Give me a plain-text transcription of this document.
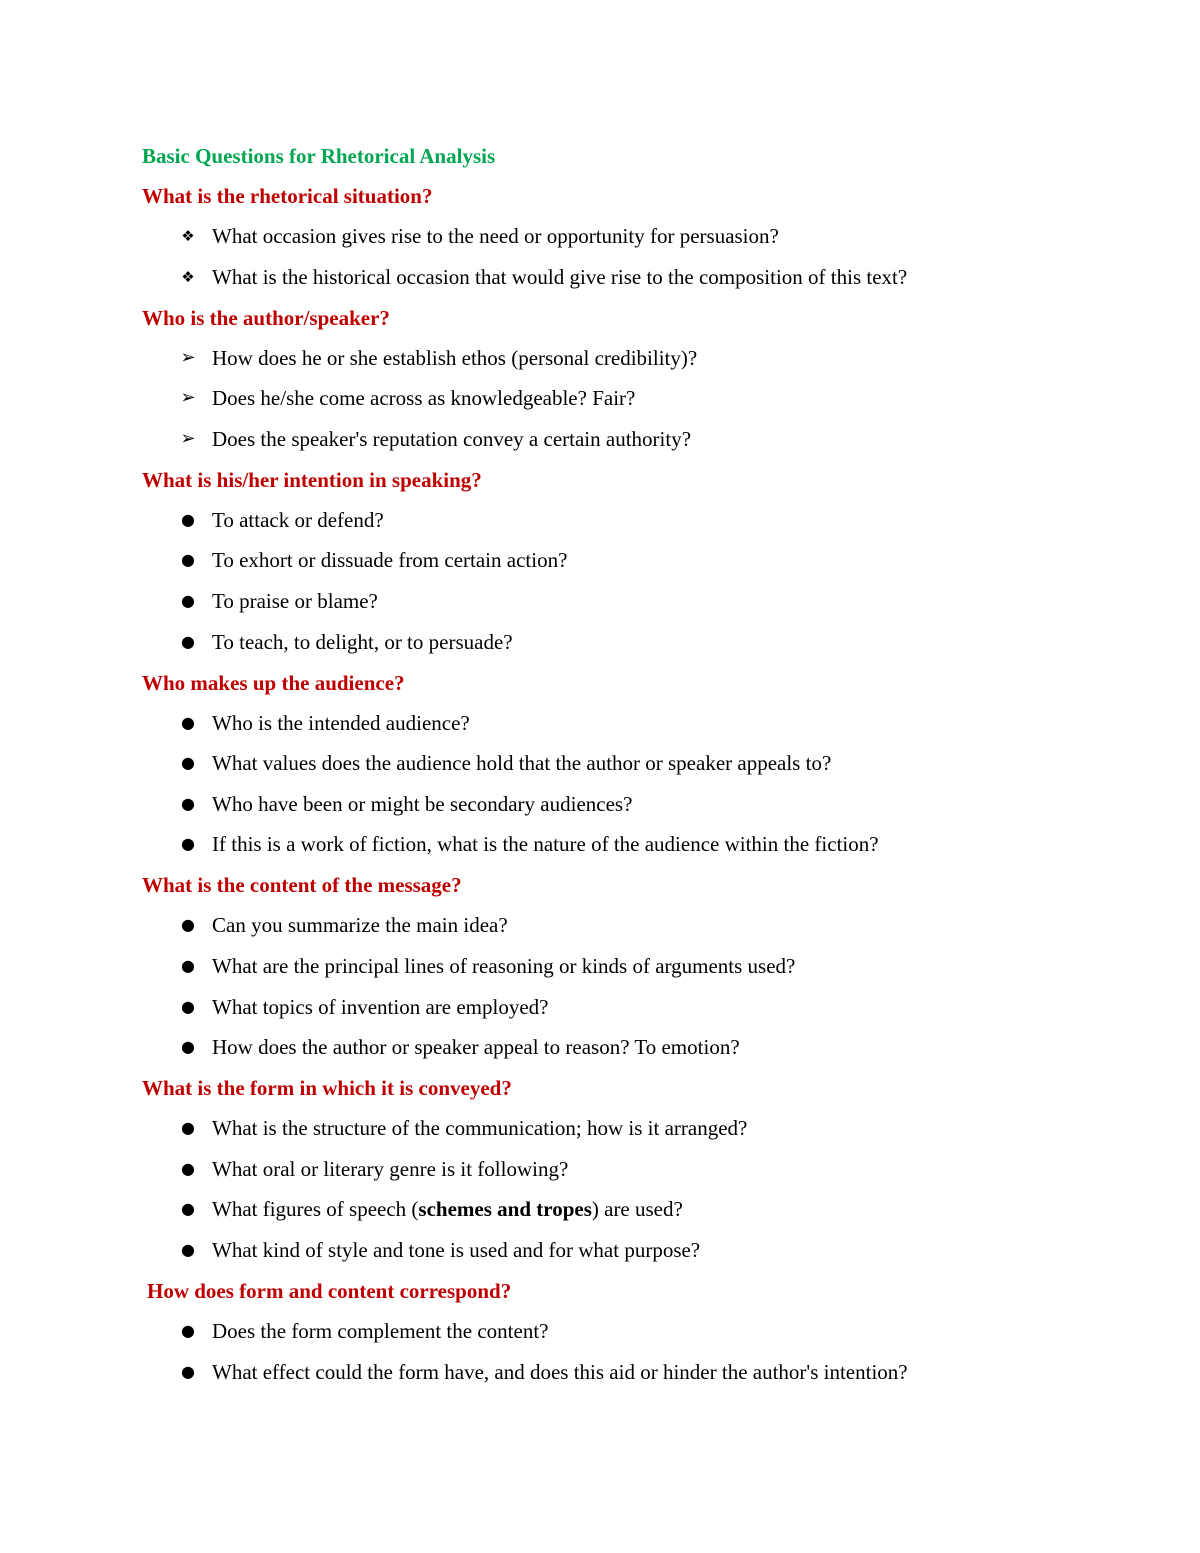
Basic Questions for Rhetorical Analysis
What is the rhetorical situation?
❖ What occasion gives rise to the need or opportunity for persuasion?
❖ What is the historical occasion that would give rise to the composition of this text?
Who is the author/speaker?
➢ How does he or she establish ethos (personal credibility)?
➢ Does he/she come across as knowledgeable? Fair?
➢ Does the speaker's reputation convey a certain authority?
What is his/her intention in speaking?
● To attack or defend?
● To exhort or dissuade from certain action?
● To praise or blame?
● To teach, to delight, or to persuade?
Who makes up the audience?
● Who is the intended audience?
● What values does the audience hold that the author or speaker appeals to?
● Who have been or might be secondary audiences?
● If this is a work of fiction, what is the nature of the audience within the fiction?
What is the content of the message?
● Can you summarize the main idea?
● What are the principal lines of reasoning or kinds of arguments used?
● What topics of invention are employed?
● How does the author or speaker appeal to reason? To emotion?
What is the form in which it is conveyed?
● What is the structure of the communication; how is it arranged?
● What oral or literary genre is it following?
● What figures of speech (schemes and tropes) are used?
● What kind of style and tone is used and for what purpose?
How does form and content correspond?
● Does the form complement the content?
● What effect could the form have, and does this aid or hinder the author's intention?
